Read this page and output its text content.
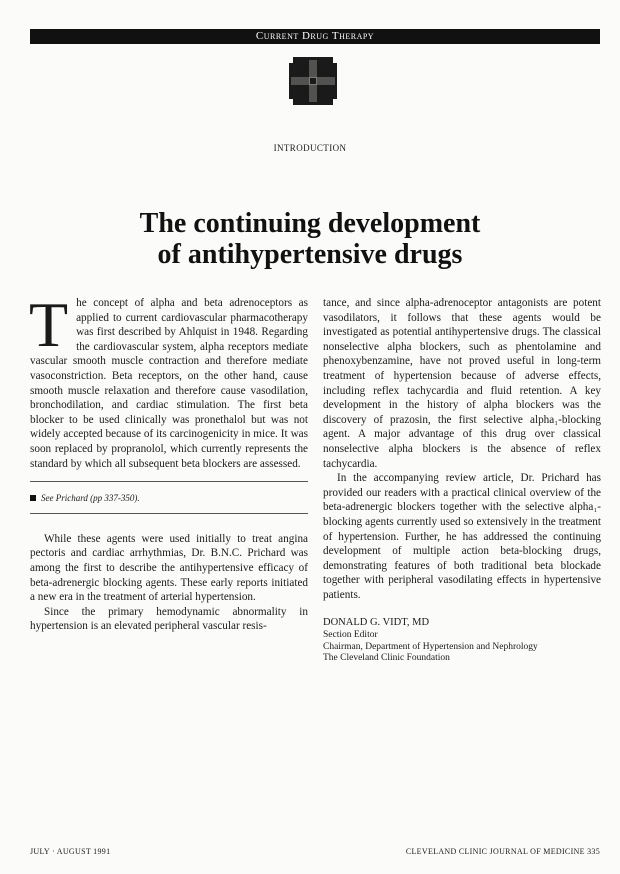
Current Drug Therapy
INTRODUCTION
The continuing development
of antihypertensive drugs

The concept of alpha and beta adrenoceptors as applied to current cardiovascular pharmacotherapy was first described by Ahlquist in 1948. Regarding the cardiovascular system, alpha receptors mediate vascular smooth muscle contraction and therefore mediate vasoconstriction. Beta receptors, on the other hand, cause smooth muscle relaxation and therefore cause vasodilation, bronchodilation, and cardiac stimulation. The first beta blocker to be used clinically was pronethalol but was not widely accepted because of its carcinogenicity in mice. It was soon replaced by propranolol, which currently represents the standard by which all subsequent beta blockers are assessed.

See Prichard (pp 337-350).

While these agents were used initially to treat angina pectoris and cardiac arrhythmias, Dr. B.N.C. Prichard was among the first to describe the antihypertensive efficacy of beta-adrenergic blocking agents. These early reports initiated a new era in the treatment of arterial hypertension.

Since the primary hemodynamic abnormality in hypertension is an elevated peripheral vascular resis-

tance, and since alpha-adrenoceptor antagonists are potent vasodilators, it follows that these agents would be investigated as potential antihypertensive drugs. The classical nonselective alpha blockers, such as phentolamine and phenoxybenzamine, have not proved useful in long-term treatment of hypertension because of adverse effects, including reflex tachycardia and fluid retention. A key development in the history of alpha blockers was the discovery of prazosin, the first selective alpha₁-blocking agent. A major advantage of this drug over classical nonselective alpha blockers is the absence of reflex tachycardia.

In the accompanying review article, Dr. Prichard has provided our readers with a practical clinical overview of the beta-adrenergic blockers together with the selective alpha₁-blocking agents currently used so extensively in the treatment of hypertension. Further, he has addressed the continuing development of multiple action beta-blocking drugs, demonstrating features of both traditional beta blockade together with peripheral vasodilating effects in hypertensive patients.

DONALD G. VIDT, MD
Section Editor
Chairman, Department of Hypertension and Nephrology
The Cleveland Clinic Foundation
JULY · AUGUST 1991	CLEVELAND CLINIC JOURNAL OF MEDICINE 335
